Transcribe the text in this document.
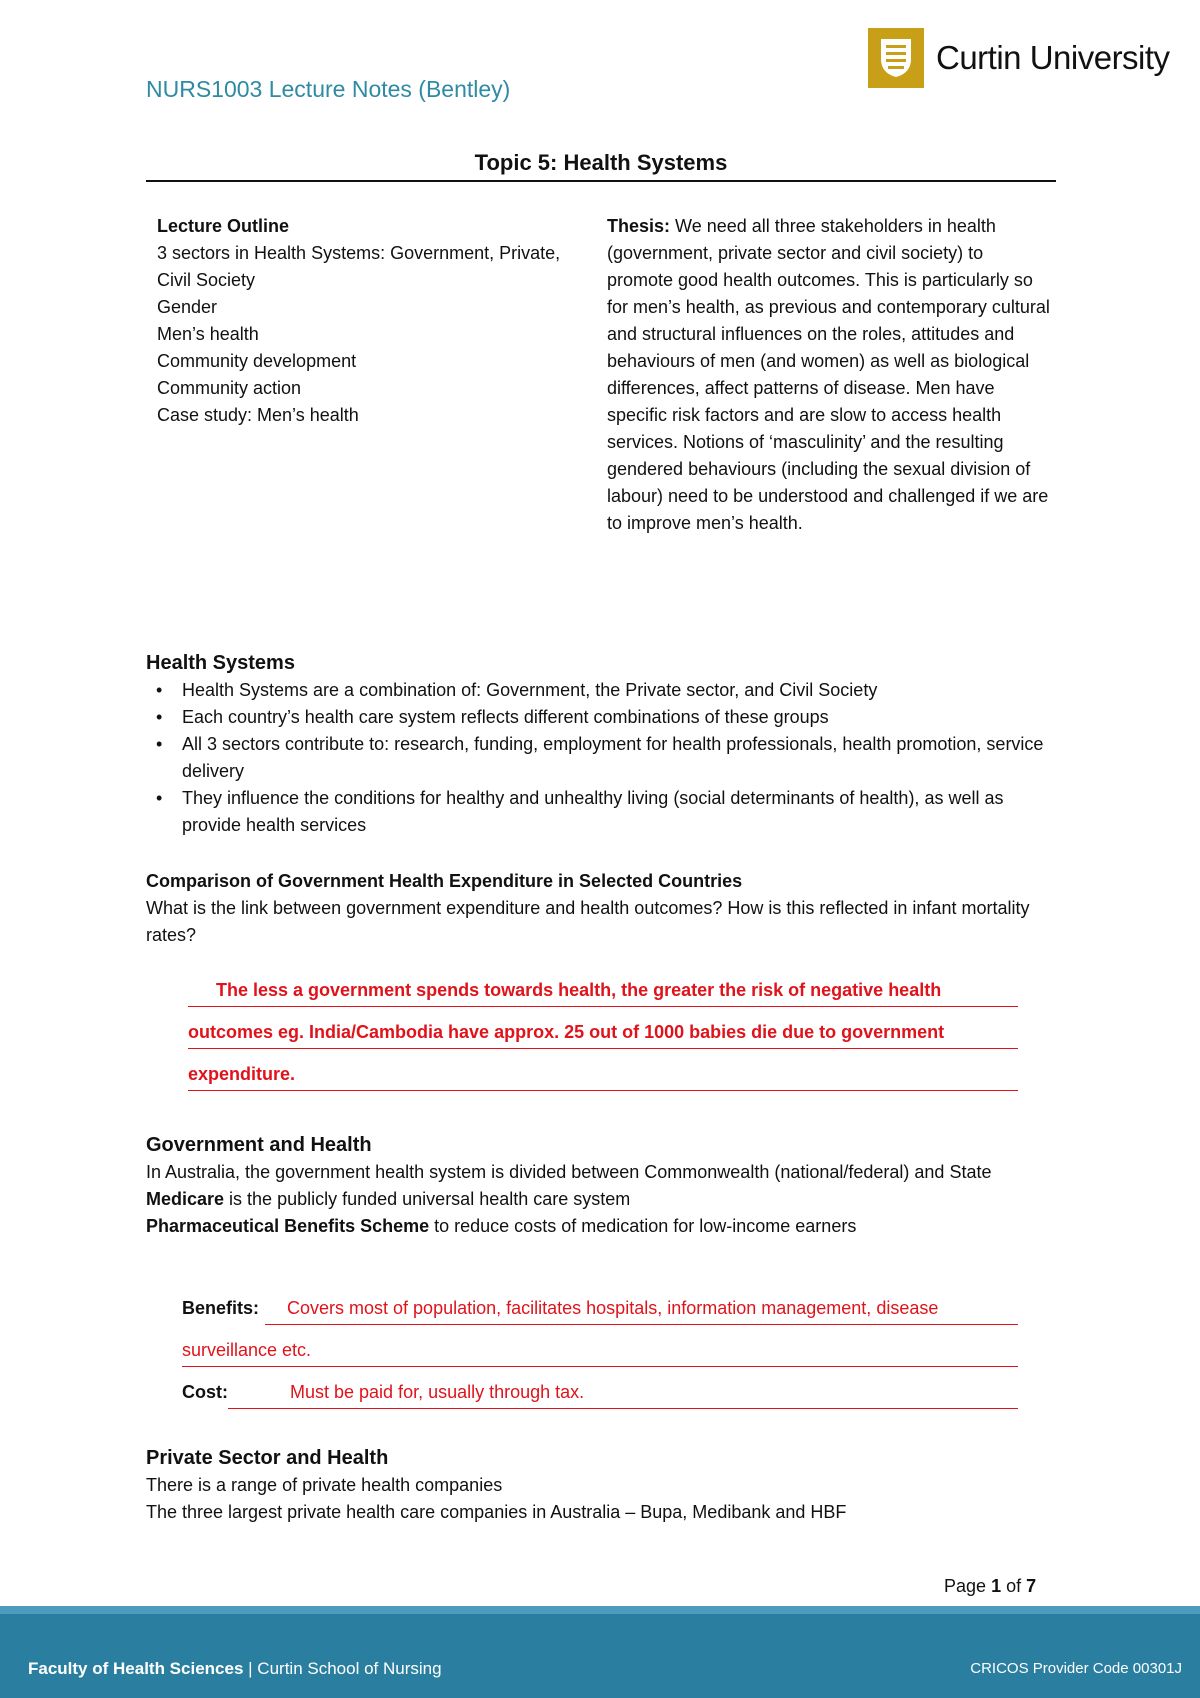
NURS1003 Lecture Notes (Bentley)
Curtin University
Topic 5: Health Systems
Lecture Outline
3 sectors in Health Systems: Government, Private, Civil Society
Gender
Men’s health
Community development
Community action
Case study: Men’s health
Thesis: We need all three stakeholders in health (government, private sector and civil society) to promote good health outcomes. This is particularly so for men’s health, as previous and contemporary cultural and structural influences on the roles, attitudes and behaviours of men (and women) as well as biological differences, affect patterns of disease. Men have specific risk factors and are slow to access health services. Notions of ‘masculinity’ and the resulting gendered behaviours (including the sexual division of labour) need to be understood and challenged if we are to improve men’s health.
Health Systems
• Health Systems are a combination of: Government, the Private sector, and Civil Society
• Each country’s health care system reflects different combinations of these groups
• All 3 sectors contribute to: research, funding, employment for health professionals, health promotion, service delivery
• They influence the conditions for healthy and unhealthy living (social determinants of health), as well as provide health services
Comparison of Government Health Expenditure in Selected Countries
What is the link between government expenditure and health outcomes? How is this reflected in infant mortality rates?
The less a government spends towards health, the greater the risk of negative health
outcomes eg. India/Cambodia have approx. 25 out of 1000 babies die due to government
expenditure.
Government and Health
In Australia, the government health system is divided between Commonwealth (national/federal) and State
Medicare is the publicly funded universal health care system
Pharmaceutical Benefits Scheme to reduce costs of medication for low-income earners
Benefits:	Covers most of population, facilitates hospitals, information management, disease
surveillance etc.
Cost:	Must be paid for, usually through tax.
Private Sector and Health
There is a range of private health companies
The three largest private health care companies in Australia – Bupa, Medibank and HBF
Page 1 of 7
Faculty of Health Sciences | Curtin School of Nursing	CRICOS Provider Code 00301J
